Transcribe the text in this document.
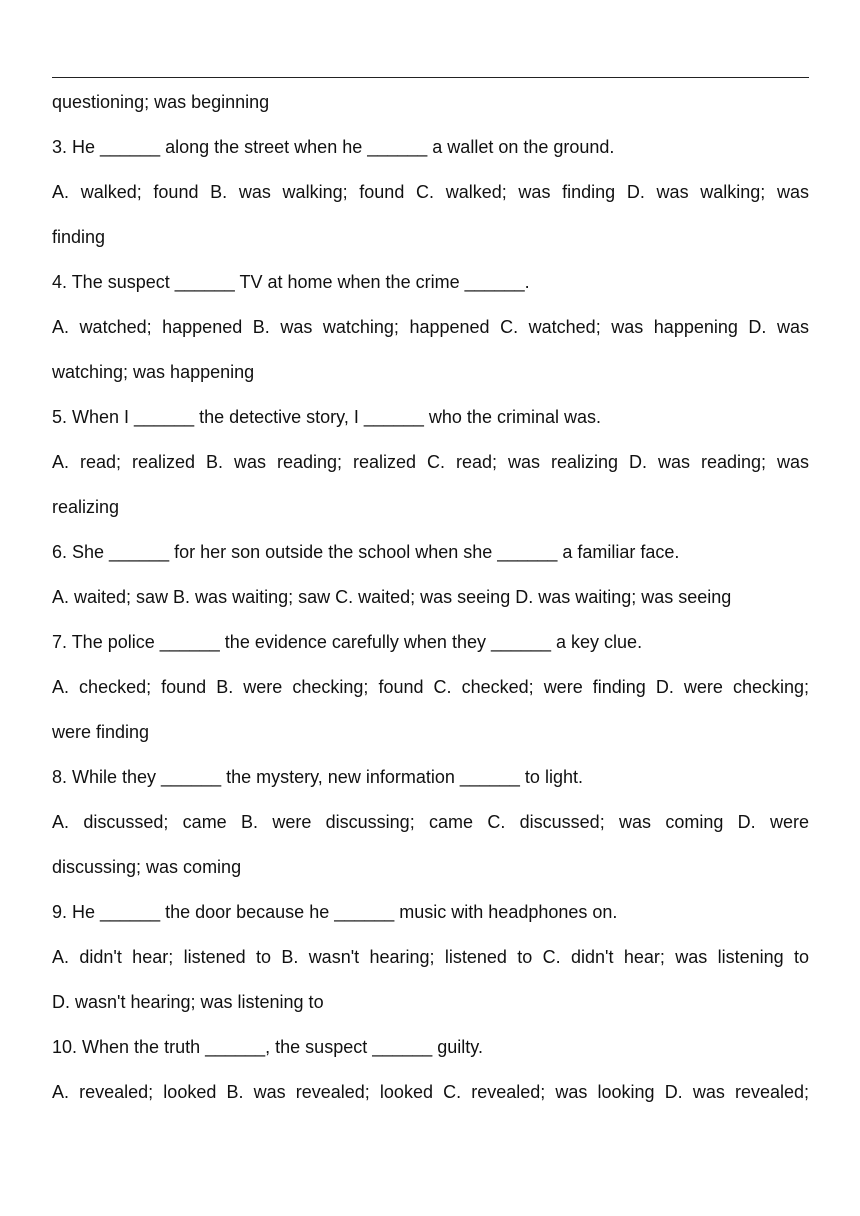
questioning; was beginning
3. He ______ along the street when he ______ a wallet on the ground.
A. walked; found B. was walking; found C. walked; was finding D. was walking; was
finding
4. The suspect ______ TV at home when the crime ______.
A. watched; happened B. was watching; happened C. watched; was happening D. was
watching; was happening
5. When I ______ the detective story, I ______ who the criminal was.
A. read; realized B. was reading; realized C. read; was realizing D. was reading; was
realizing
6. She ______ for her son outside the school when she ______ a familiar face.
A. waited; saw B. was waiting; saw C. waited; was seeing D. was waiting; was seeing
7. The police ______ the evidence carefully when they ______ a key clue.
A. checked; found B. were checking; found C. checked; were finding D. were checking;
were finding
8. While they ______ the mystery, new information ______ to light.
A. discussed; came B. were discussing; came C. discussed; was coming D. were
discussing; was coming
9. He ______ the door because he ______ music with headphones on.
A. didn't hear; listened to B. wasn't hearing; listened to C. didn't hear; was listening to
D. wasn't hearing; was listening to
10. When the truth ______, the suspect ______ guilty.
A. revealed; looked B. was revealed; looked C. revealed; was looking D. was revealed;
